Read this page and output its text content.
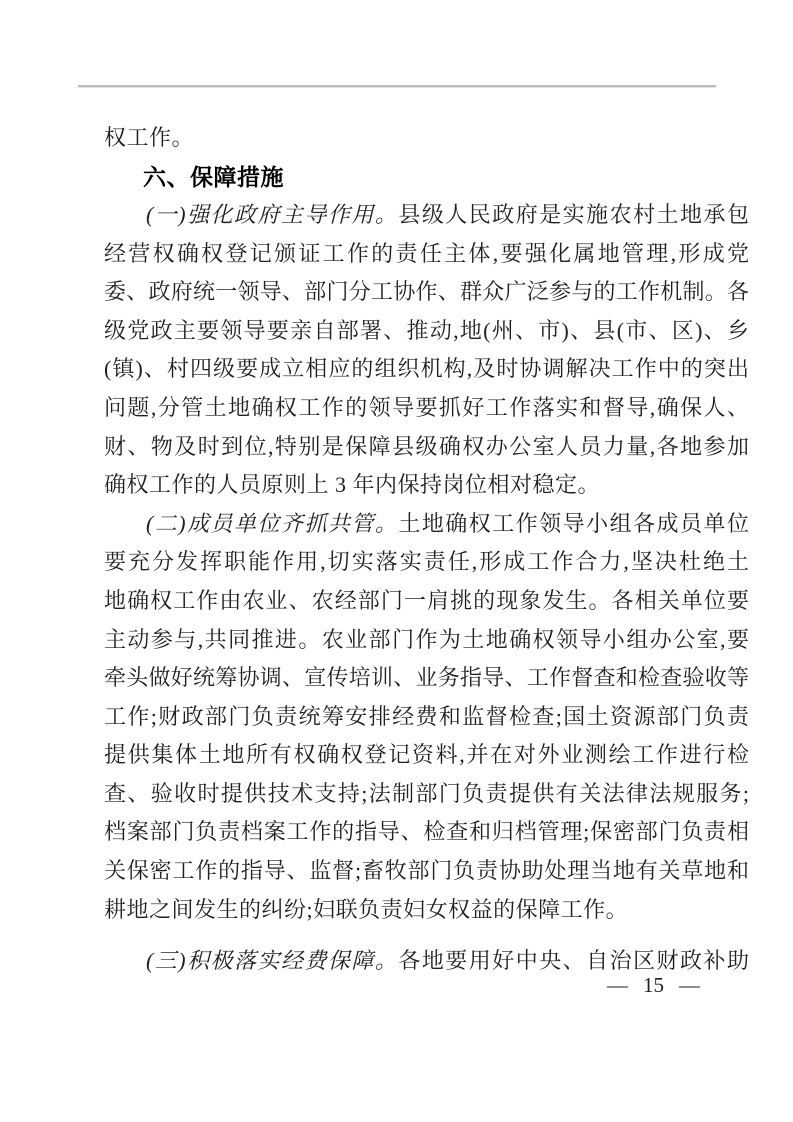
权工作。
六、保障措施
(一)强化政府主导作用。县级人民政府是实施农村土地承包
经营权确权登记颁证工作的责任主体,要强化属地管理,形成党
委、政府统一领导、部门分工协作、群众广泛参与的工作机制。各
级党政主要领导要亲自部署、推动,地(州、市)、县(市、区)、乡
(镇)、村四级要成立相应的组织机构,及时协调解决工作中的突出
问题,分管土地确权工作的领导要抓好工作落实和督导,确保人、
财、物及时到位,特别是保障县级确权办公室人员力量,各地参加
确权工作的人员原则上 3 年内保持岗位相对稳定。
(二)成员单位齐抓共管。土地确权工作领导小组各成员单位
要充分发挥职能作用,切实落实责任,形成工作合力,坚决杜绝土
地确权工作由农业、农经部门一肩挑的现象发生。各相关单位要
主动参与,共同推进。农业部门作为土地确权领导小组办公室,要
牵头做好统筹协调、宣传培训、业务指导、工作督查和检查验收等
工作;财政部门负责统筹安排经费和监督检查;国土资源部门负责
提供集体土地所有权确权登记资料,并在对外业测绘工作进行检
查、验收时提供技术支持;法制部门负责提供有关法律法规服务;
档案部门负责档案工作的指导、检查和归档管理;保密部门负责相
关保密工作的指导、监督;畜牧部门负责协助处理当地有关草地和
耕地之间发生的纠纷;妇联负责妇女权益的保障工作。
(三)积极落实经费保障。各地要用好中央、自治区财政补助
— 15 —
